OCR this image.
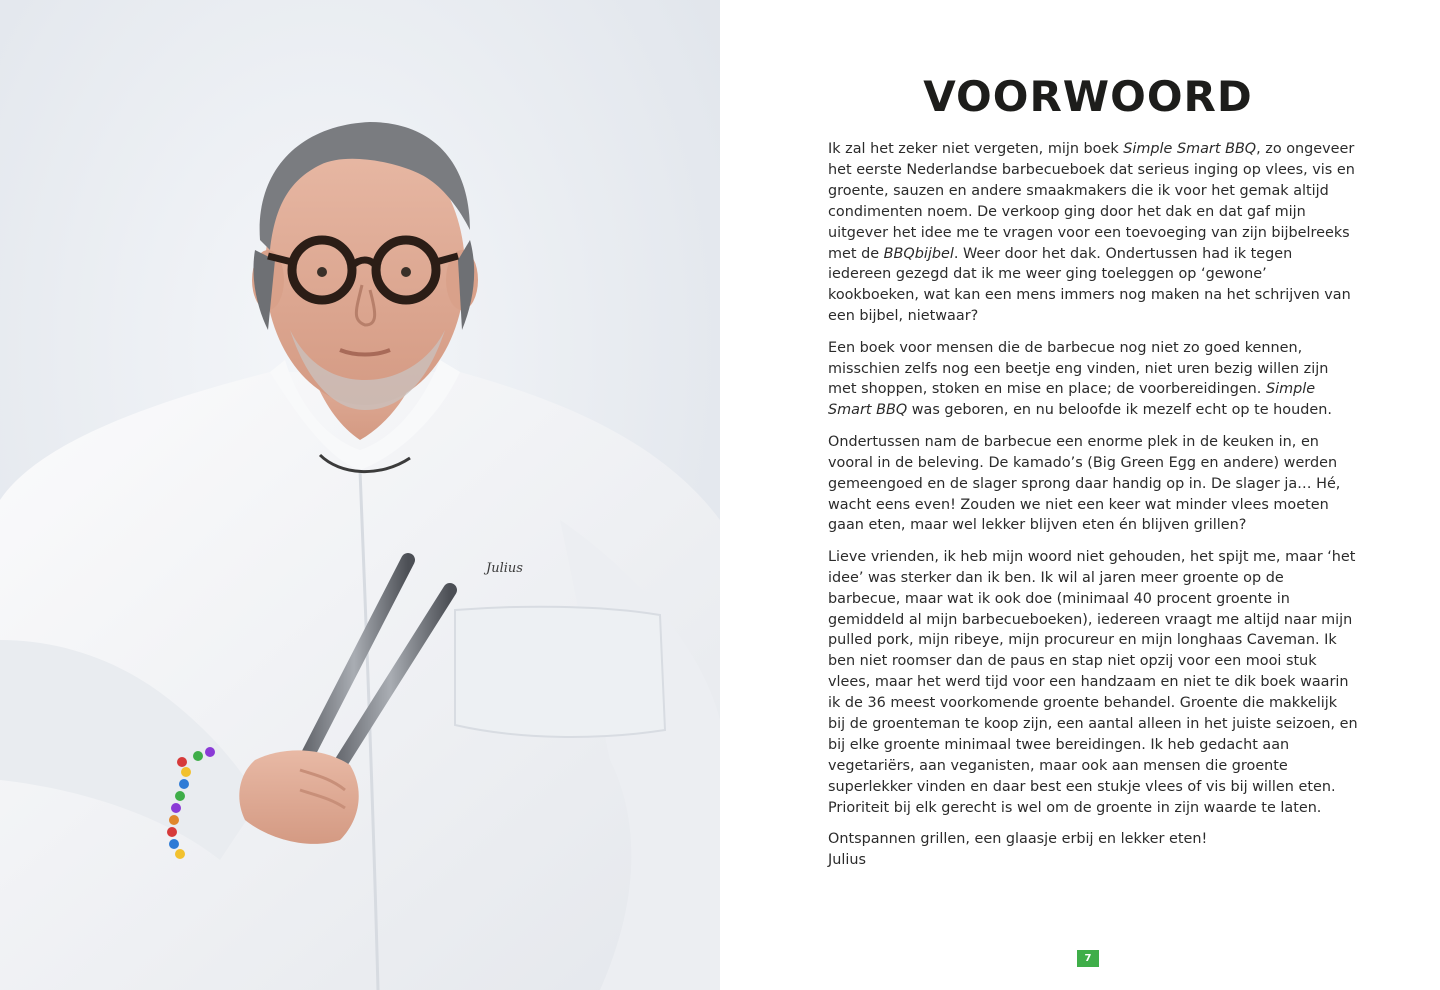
Julius
VOORWOORD

Ik zal het zeker niet vergeten, mijn boek Simple Smart BBQ, zo ongeveer het eerste Nederlandse barbecueboek dat serieus inging op vlees, vis en groente, sauzen en andere smaakmakers die ik voor het gemak altijd condimenten noem. De verkoop ging door het dak en dat gaf mijn uitgever het idee me te vragen voor een toevoeging van zijn bijbelreeks met de BBQbijbel. Weer door het dak. Ondertussen had ik tegen iedereen gezegd dat ik me weer ging toeleggen op ‘gewone’ kookboeken, wat kan een mens immers nog maken na het schrijven van een bijbel, nietwaar?

Een boek voor mensen die de barbecue nog niet zo goed kennen, misschien zelfs nog een beetje eng vinden, niet uren bezig willen zijn met shoppen, stoken en mise en place; de voorbereidingen. Simple Smart BBQ was geboren, en nu beloofde ik mezelf echt op te houden.

Ondertussen nam de barbecue een enorme plek in de keuken in, en vooral in de beleving. De kamado’s (Big Green Egg en andere) werden gemeengoed en de slager sprong daar handig op in. De slager ja… Hé, wacht eens even! Zouden we niet een keer wat minder vlees moeten gaan eten, maar wel lekker blijven eten én blijven grillen?

Lieve vrienden, ik heb mijn woord niet gehouden, het spijt me, maar ‘het idee’ was sterker dan ik ben. Ik wil al jaren meer groente op de barbecue, maar wat ik ook doe (minimaal 40 procent groente in gemiddeld al mijn barbecueboeken), iedereen vraagt me altijd naar mijn pulled pork, mijn ribeye, mijn procureur en mijn longhaas Caveman. Ik ben niet roomser dan de paus en stap niet opzij voor een mooi stuk vlees, maar het werd tijd voor een handzaam en niet te dik boek waarin ik de 36 meest voorkomende groente behandel. Groente die makkelijk bij de groenteman te koop zijn, een aantal alleen in het juiste seizoen, en bij elke groente minimaal twee bereidingen. Ik heb gedacht aan vegetariërs, aan veganisten, maar ook aan mensen die groente superlekker vinden en daar best een stukje vlees of vis bij willen eten. Prioriteit bij elk gerecht is wel om de groente in zijn waarde te laten.

Ontspannen grillen, een glaasje erbij en lekker eten!

Julius
7
